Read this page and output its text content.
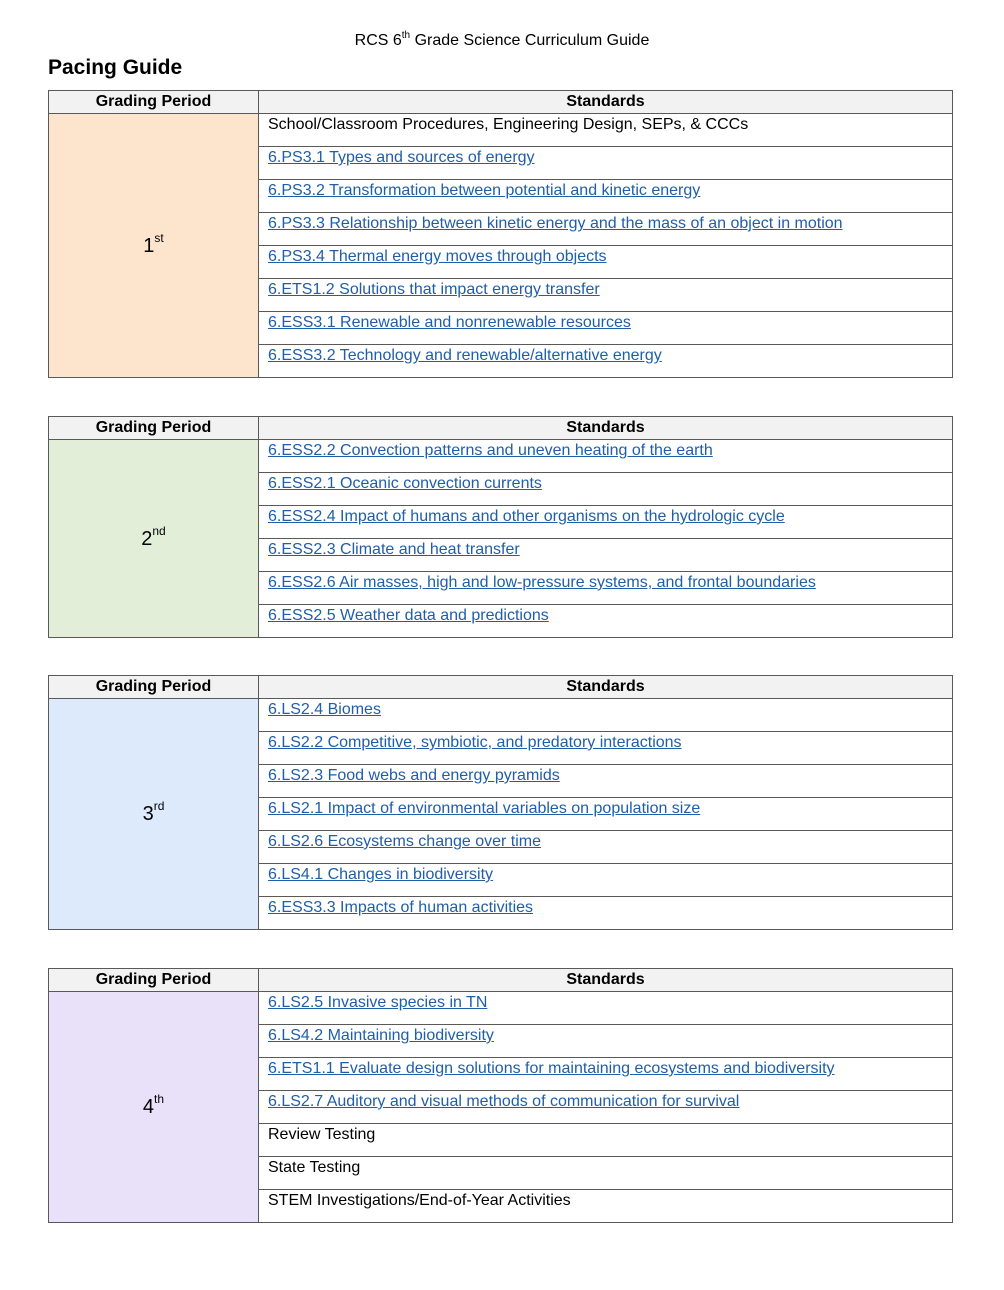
RCS 6th Grade Science Curriculum Guide
Pacing Guide
Grading Period	Standards
1st	School/Classroom Procedures, Engineering Design, SEPs, & CCCs
	6.PS3.1 Types and sources of energy
	6.PS3.2 Transformation between potential and kinetic energy
	6.PS3.3 Relationship between kinetic energy and the mass of an object in motion
	6.PS3.4 Thermal energy moves through objects
	6.ETS1.2 Solutions that impact energy transfer
	6.ESS3.1 Renewable and nonrenewable resources
	6.ESS3.2 Technology and renewable/alternative energy
Grading Period	Standards
2nd	6.ESS2.2 Convection patterns and uneven heating of the earth
	6.ESS2.1 Oceanic convection currents
	6.ESS2.4 Impact of humans and other organisms on the hydrologic cycle
	6.ESS2.3 Climate and heat transfer
	6.ESS2.6 Air masses, high and low-pressure systems, and frontal boundaries
	6.ESS2.5 Weather data and predictions
Grading Period	Standards
3rd	6.LS2.4 Biomes
	6.LS2.2 Competitive, symbiotic, and predatory interactions
	6.LS2.3 Food webs and energy pyramids
	6.LS2.1 Impact of environmental variables on population size
	6.LS2.6 Ecosystems change over time
	6.LS4.1 Changes in biodiversity
	6.ESS3.3 Impacts of human activities
Grading Period	Standards
4th	6.LS2.5 Invasive species in TN
	6.LS4.2 Maintaining biodiversity
	6.ETS1.1 Evaluate design solutions for maintaining ecosystems and biodiversity
	6.LS2.7 Auditory and visual methods of communication for survival
	Review Testing
	State Testing
	STEM Investigations/End-of-Year Activities
